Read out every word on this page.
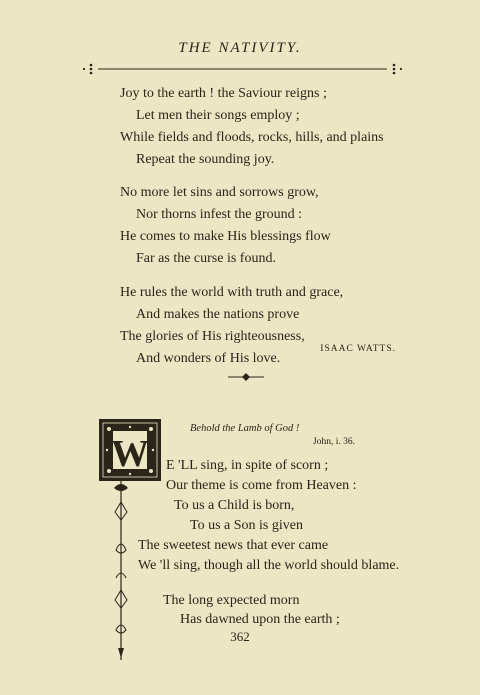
THE NATIVITY.
Joy to the earth ! the Saviour reigns ;
Let men their songs employ ;
While fields and floods, rocks, hills, and plains
Repeat the sounding joy.
No more let sins and sorrows grow,
Nor thorns infest the ground :
He comes to make His blessings flow
Far as the curse is found.
He rules the world with truth and grace,
And makes the nations prove
The glories of His righteousness,
And wonders of His love.
ISAAC WATTS.
W
Behold the Lamb of God !
John, i. 36.
E 'LL sing, in spite of scorn ;
Our theme is come from Heaven :
To us a Child is born,
To us a Son is given
The sweetest news that ever came
We 'll sing, though all the world should blame.
The long expected morn
Has dawned upon the earth ;
362
